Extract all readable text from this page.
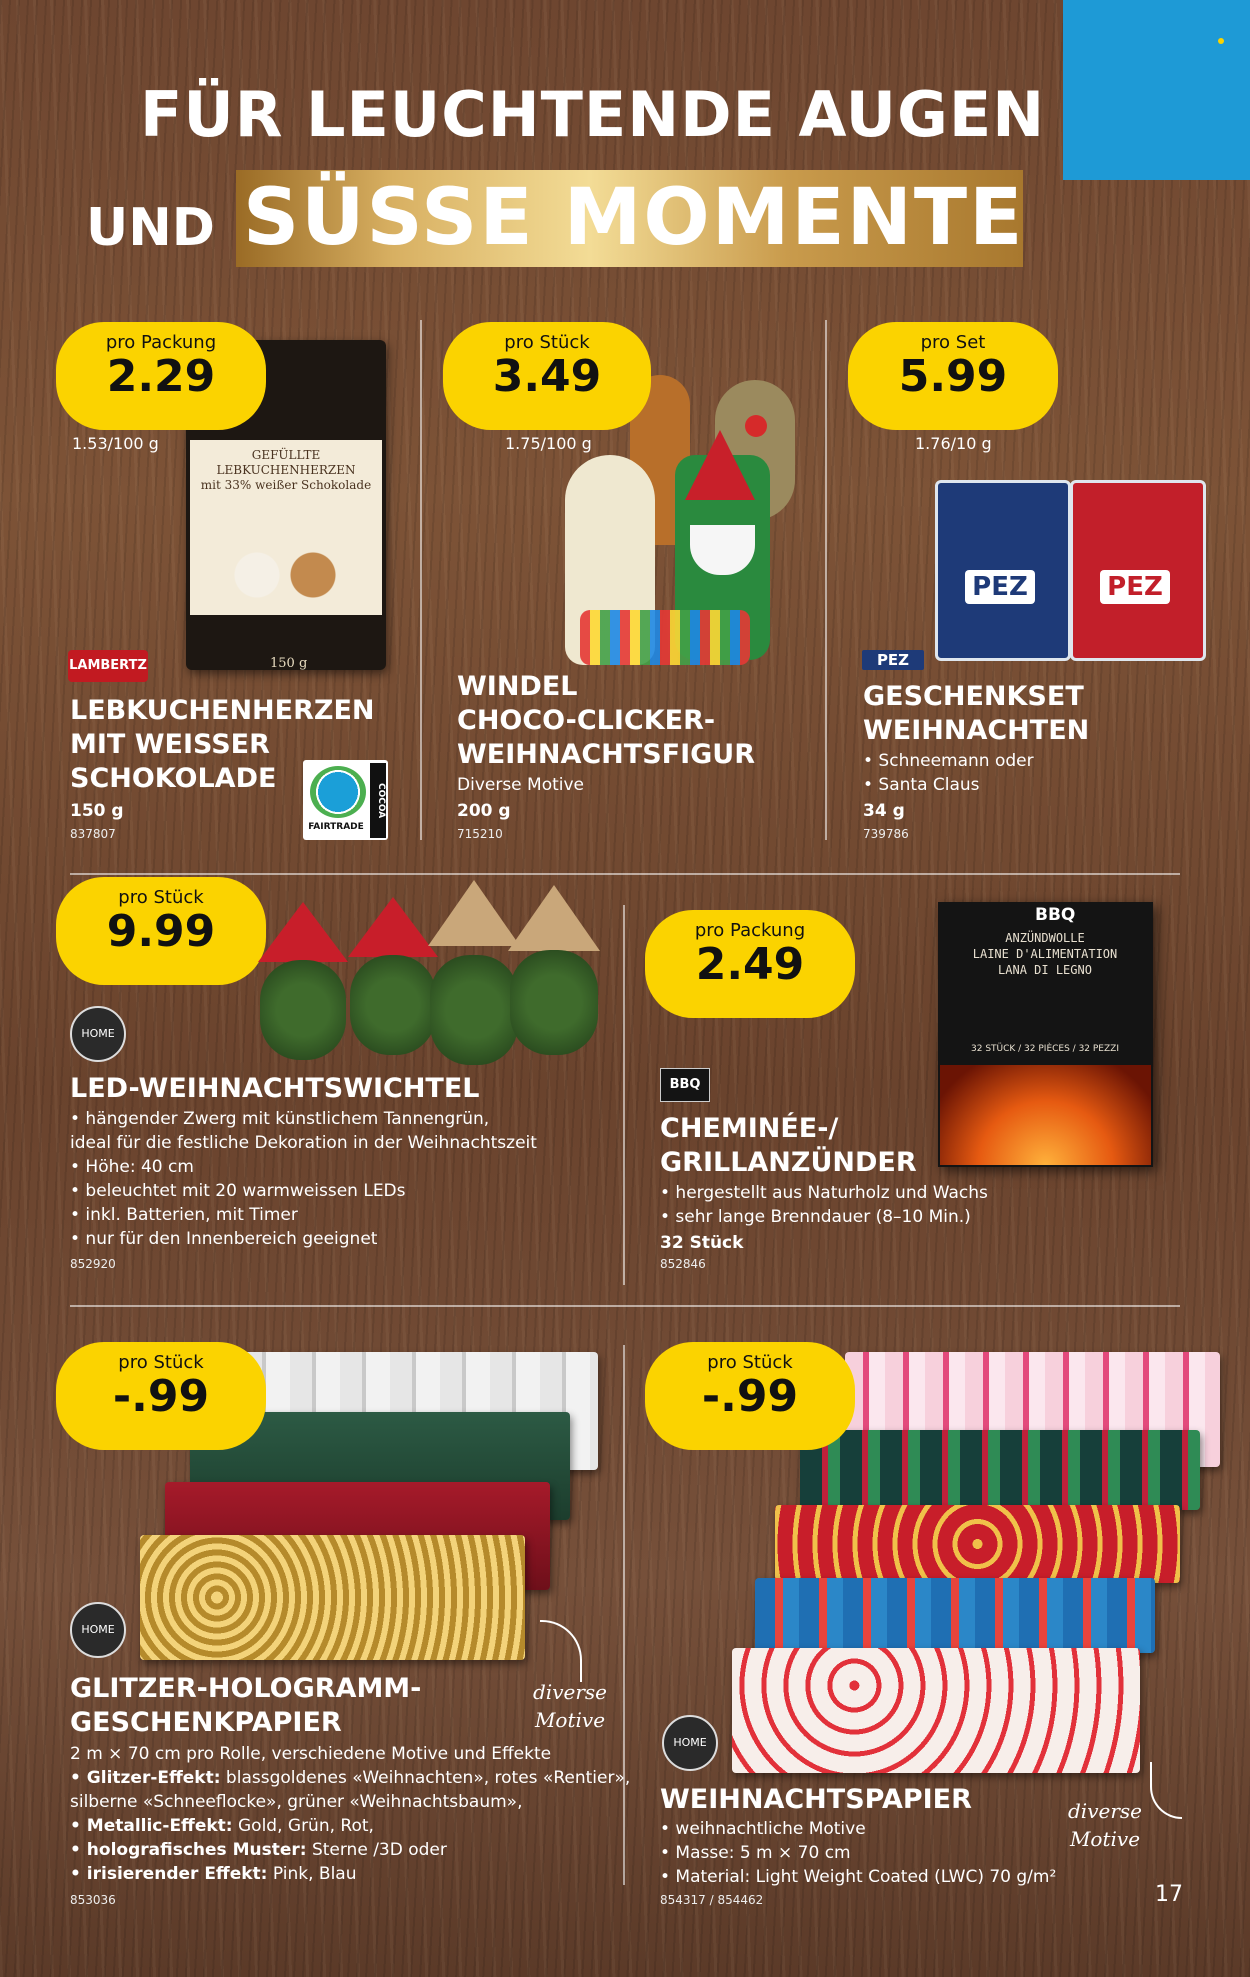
FÜR LEUCHTENDE AUGEN
UND SÜSSE MOMENTE
GEFÜLLTE
LEBKUCHENHERZEN
mit 33% weißer Schokolade
150 g
pro Packung
2.29
1.53/100 g
LAMBERTZ
LEBKUCHENHERZEN
MIT WEISSER
SCHOKOLADE
150 g
837807	FAIRTRADE
COCOA
pro Stück
3.49
1.75/100 g
WINDEL
CHOCO-CLICKER-
WEIHNACHTSFIGUR
Diverse Motive
200 g
715210
PEZ	PEZ
pro Set
5.99
1.76/10 g
PEZ
GESCHENKSET
WEIHNACHTEN
• Schneemann oder
• Santa Claus
34 g
739786
pro Stück
9.99
HOME
LED-WEIHNACHTSWICHTEL
• hängender Zwerg mit künstlichem Tannengrün,
ideal für die festliche Dekoration in der Weihnachtszeit
• Höhe: 40 cm
• beleuchtet mit 20 warmweissen LEDs
• inkl. Batterien, mit Timer
• nur für den Innenbereich geeignet
852920
pro Packung
2.49
BBQ
ANZÜNDWOLLE
LAINE D'ALIMENTATION
LANA DI LEGNO
32 STÜCK / 32 PIÈCES / 32 PEZZI
BBQ
CHEMINÉE-/
GRILLANZÜNDER
• hergestellt aus Naturholz und Wachs
• sehr lange Brenndauer (8–10 Min.)
32 Stück
852846
pro Stück
-.99
HOME
diverse
Motive
GLITZER-HOLOGRAMM-
GESCHENKPAPIER
2 m × 70 cm pro Rolle, verschiedene Motive und Effekte
• Glitzer-Effekt: blassgoldenes «Weihnachten», rotes «Rentier»,
silberne «Schneeflocke», grüner «Weihnachtsbaum»,
• Metallic-Effekt: Gold, Grün, Rot,
• holografisches Muster: Sterne /3D oder
• irisierender Effekt: Pink, Blau
853036
pro Stück
-.99
HOME
WEIHNACHTSPAPIER
• weihnachtliche Motive
• Masse: 5 m × 70 cm
• Material: Light Weight Coated (LWC) 70 g/m²
854317 / 854462
diverse
Motive
17
